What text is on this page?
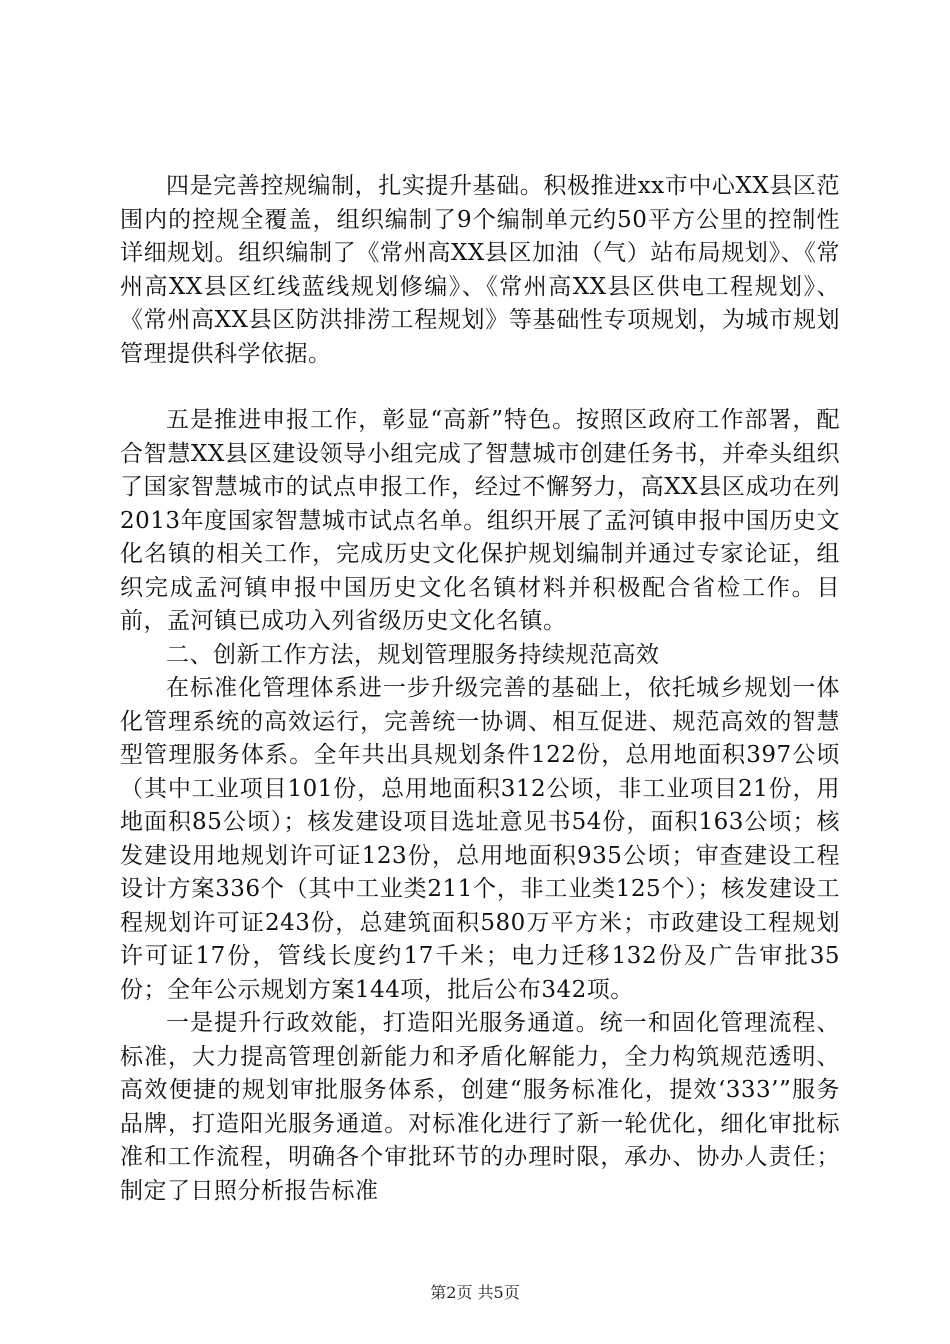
四是完善控规编制，扎实提升基础。积极推进xx市中心XX县区范围内的控规全覆盖，组织编制了9个编制单元约50平方公里的控制性详细规划。组织编制了《常州高XX县区加油（气）站布局规划》、《常州高XX县区红线蓝线规划修编》、《常州高XX县区供电工程规划》、《常州高XX县区防洪排涝工程规划》等基础性专项规划，为城市规划管理提供科学依据。

五是推进申报工作，彰显“高新”特色。按照区政府工作部署，配合智慧XX县区建设领导小组完成了智慧城市创建任务书，并牵头组织了国家智慧城市的试点申报工作，经过不懈努力，高XX县区成功在列2013年度国家智慧城市试点名单。组织开展了孟河镇申报中国历史文化名镇的相关工作，完成历史文化保护规划编制并通过专家论证，组织完成孟河镇申报中国历史文化名镇材料并积极配合省检工作。目前，孟河镇已成功入列省级历史文化名镇。

二、创新工作方法，规划管理服务持续规范高效

在标准化管理体系进一步升级完善的基础上，依托城乡规划一体化管理系统的高效运行，完善统一协调、相互促进、规范高效的智慧型管理服务体系。全年共出具规划条件122份，总用地面积397公顷（其中工业项目101份，总用地面积312公顷，非工业项目21份，用地面积85公顷）；核发建设项目选址意见书54份，面积163公顷；核发建设用地规划许可证123份，总用地面积935公顷；审查建设工程设计方案336个（其中工业类211个，非工业类125个）；核发建设工程规划许可证243份，总建筑面积580万平方米；市政建设工程规划许可证17份，管线长度约17千米；电力迁移132份及广告审批35份；全年公示规划方案144项，批后公布342项。

一是提升行政效能，打造阳光服务通道。统一和固化管理流程、标准，大力提高管理创新能力和矛盾化解能力，全力构筑规范透明、高效便捷的规划审批服务体系，创建“服务标准化，提效‘333’”服务品牌，打造阳光服务通道。对标准化进行了新一轮优化，细化审批标准和工作流程，明确各个审批环节的办理时限，承办、协办人责任；制定了日照分析报告标准

第2页 共5页
